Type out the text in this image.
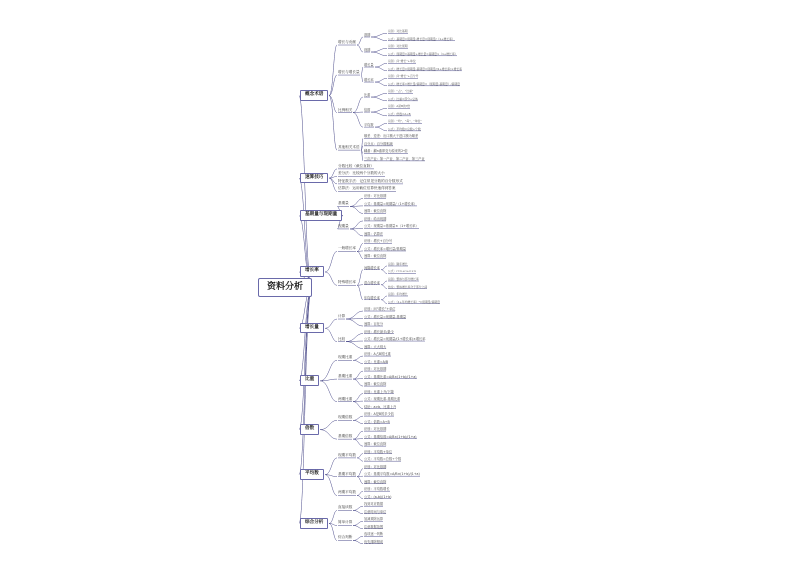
资料分析
概念术语
增长与贡献
基期
识别：对比基期
公式：基期量=现期量-增长量=现期量/（1+增长率）
现期
识别：对比现期
公式：现期量=基期量+增长量=基期量×（1+增长率）
增长与增长量
增长量
识别：问“增长”+单位
公式：增长量=现期量-基期量=现期量/(1+增长率)×增长率
增长率
识别：问“增长”+百分号
公式：增长率=增长量/基期量=（现期量-基期量）/基期量
比例相关
比重
识别：“占”、“比重”
公式：比重=部分÷总体
倍数
识别：A是B的?倍
公式：倍数=A÷B
平均数
识别：“均”、“每”、“单位”
公式：平均数=总数÷个数
其他相关术语
顺差、逆差：出口额大于进口额为顺差
百分点：百分数相减
翻番：翻n番即变为原来的2ⁿ倍
三次产业：第一产业、第二产业、第三产业
速算技巧
分数比较（截位直除）
差分法：比较两个分数的大小
特征数字法：记住常见分数的百分数形式
估算法：运用截位估算快速得到答案
基期量与现期量
基期量
识别：对比基期
公式：基期量=现期量/（1+增长率）
速算：截位直除
现期量
识别：给出现期
公式：现期量=基期量×（1+增长率）
速算：估算法
增长率
一般增长率
识别：增长+百分号
公式：增长率=增长量/基期量
速算：截位直除
特殊增长率
间隔增长率
识别：隔年增长
公式：r=r₁+r₂+r₁×r₂
混合增长率
识别：整体与部分增长率
结论：整体增长率介于部分之间
年均增长率
识别：年均增长
公式：（1+年均增长率）ⁿ=现期量/基期量
增长量
计算
识别：问“增长”+单位
公式：增长量=现期量-基期量
速算：百化分
比较
识别：增长最多/最少
公式：增长量=现期量/(1+增长率)×增长率
速算：大大则大
比重
现期比重
识别：A占B的比重
公式：比重=A/B
基期比重
识别：对比基期
公式：基期比重=A/B×(1+b)/(1+a)
速算：截位直除
两期比重
识别：比重上升/下降
公式：现期比重-基期比重
结论：a>b，比重上升
倍数
现期倍数
识别：A是B的多少倍
公式：倍数=A÷B
基期倍数
识别：对比基期
公式：基期倍数=A/B×(1+b)/(1+a)
速算：截位直除
平均数
现期平均数
识别：平均数+单位
公式：平均数=总数÷个数
基期平均数
识别：对比基期
公式：基期平均数=A/B×(1+b)/(1+a)
速算：截位直除
两期平均数
识别：平均数增长
公式：(a-b)/(1+b)
综合分析
直接读数
找到对应数据
注意时间与单位
简单计算
加减乘除运算
注意数据范围
综合判断
选项逐一判断
优先排除错误
